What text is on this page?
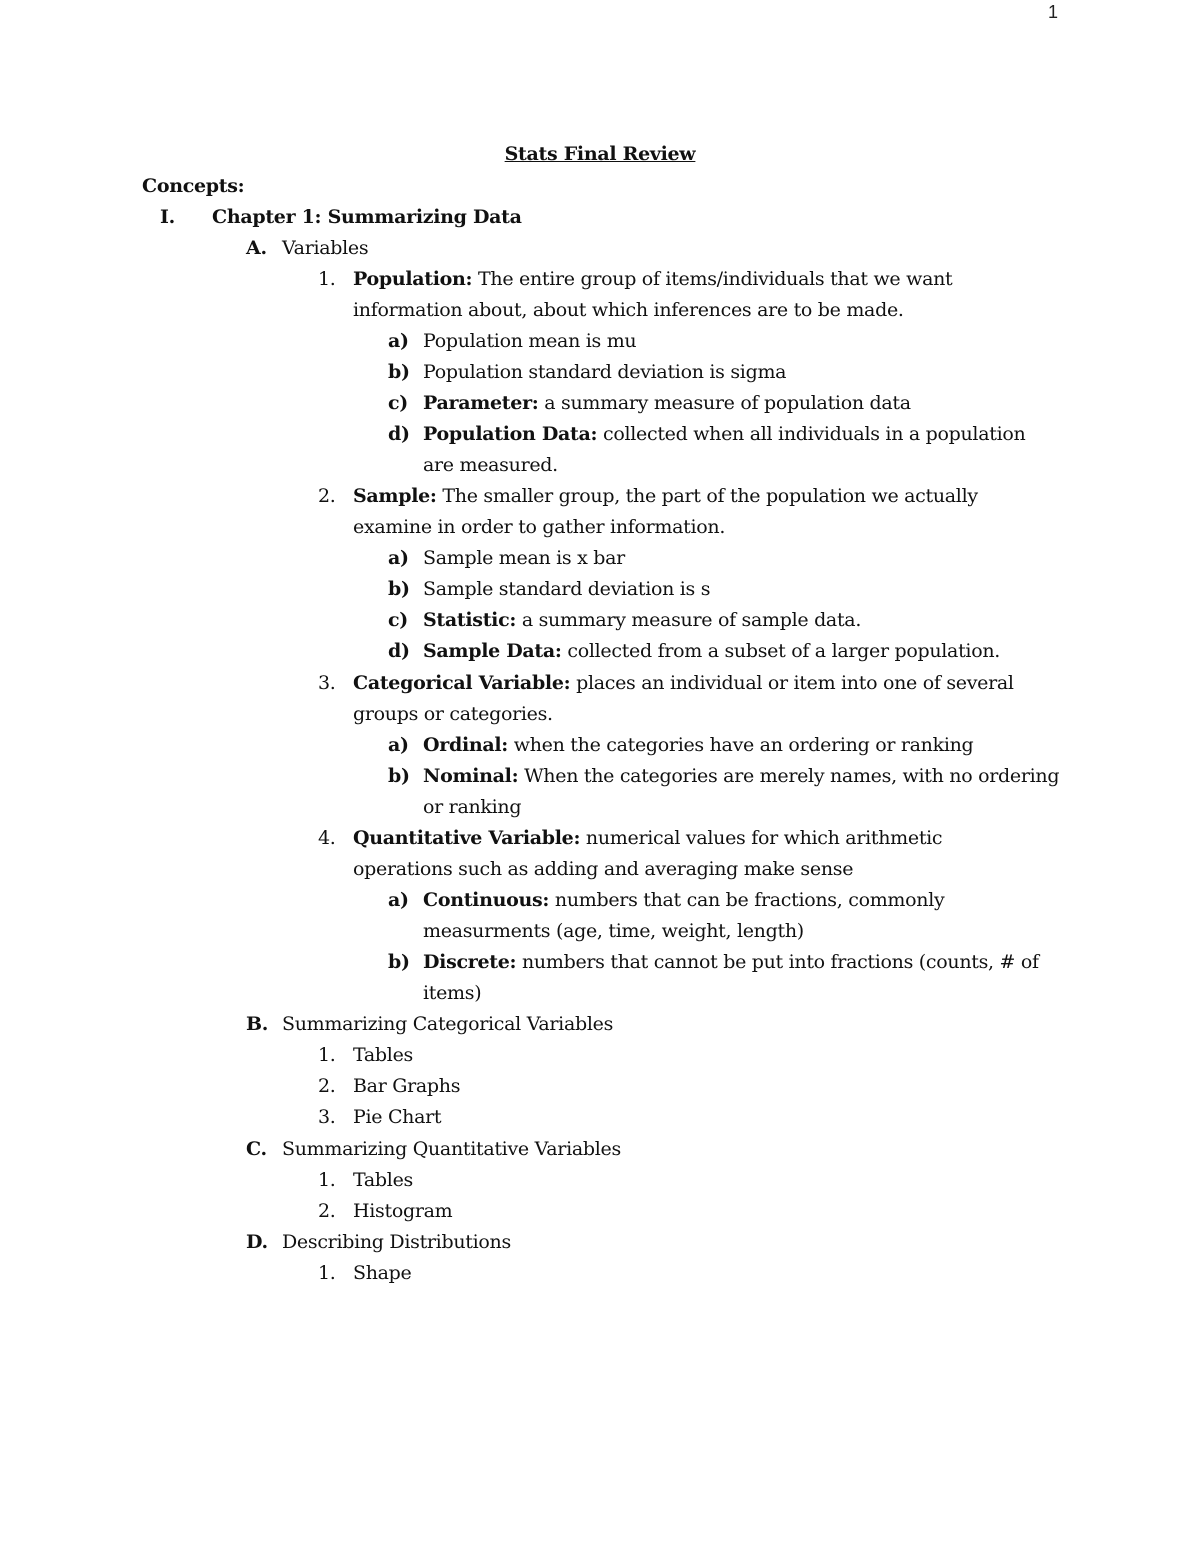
1
Stats Final Review
Concepts:
I. Chapter 1: Summarizing Data
A. Variables
1. Population: The entire group of items/individuals that we want
information about, about which inferences are to be made.
a) Population mean is mu
b) Population standard deviation is sigma
c) Parameter: a summary measure of population data
d) Population Data: collected when all individuals in a population
are measured.
2. Sample: The smaller group, the part of the population we actually
examine in order to gather information.
a) Sample mean is x bar
b) Sample standard deviation is s
c) Statistic: a summary measure of sample data.
d) Sample Data: collected from a subset of a larger population.
3. Categorical Variable: places an individual or item into one of several
groups or categories.
a) Ordinal: when the categories have an ordering or ranking
b) Nominal: When the categories are merely names, with no ordering
or ranking
4. Quantitative Variable: numerical values for which arithmetic
operations such as adding and averaging make sense
a) Continuous: numbers that can be fractions, commonly
measurments (age, time, weight, length)
b) Discrete: numbers that cannot be put into fractions (counts, # of
items)
B. Summarizing Categorical Variables
1. Tables
2. Bar Graphs
3. Pie Chart
C. Summarizing Quantitative Variables
1. Tables
2. Histogram
D. Describing Distributions
1. Shape
